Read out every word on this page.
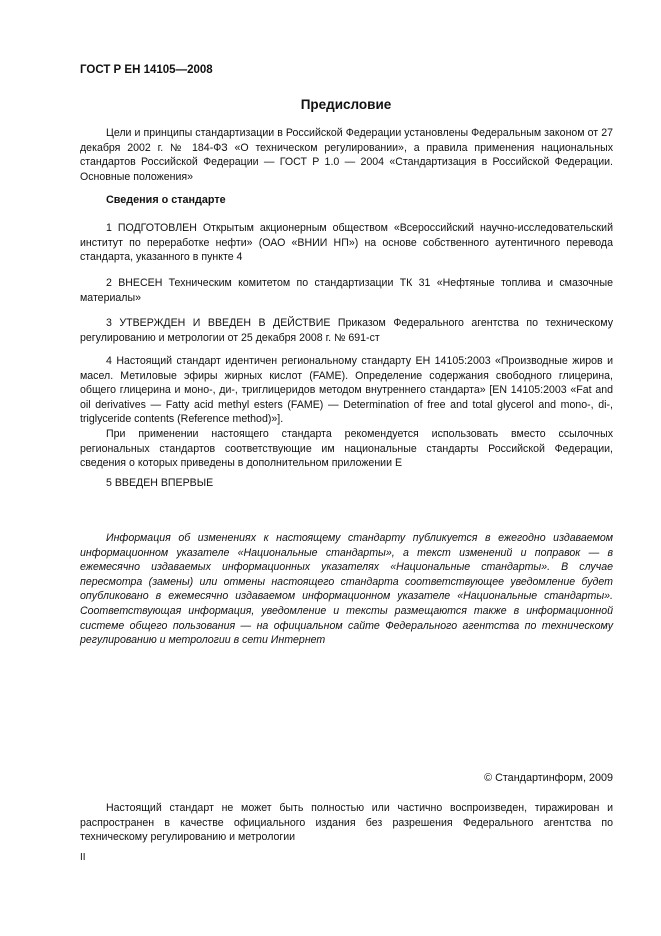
ГОСТ Р ЕН 14105—2008
Предисловие

Цели и принципы стандартизации в Российской Федерации установлены Федеральным законом от 27 декабря 2002 г. № 184-ФЗ «О техническом регулировании», а правила применения национальных стандартов Российской Федерации — ГОСТ Р 1.0 — 2004 «Стандартизация в Российской Федерации. Основные положения»

Сведения о стандарте

1 ПОДГОТОВЛЕН Открытым акционерным обществом «Всероссийский научно-исследовательский институт по переработке нефти» (ОАО «ВНИИ НП») на основе собственного аутентичного перевода стандарта, указанного в пункте 4

2 ВНЕСЕН Техническим комитетом по стандартизации ТК 31 «Нефтяные топлива и смазочные материалы»

3 УТВЕРЖДЕН И ВВЕДЕН В ДЕЙСТВИЕ Приказом Федерального агентства по техническому регулированию и метрологии от 25 декабря 2008 г. № 691-ст

4 Настоящий стандарт идентичен региональному стандарту ЕН 14105:2003 «Производные жиров и масел. Метиловые эфиры жирных кислот (FAME). Определение содержания свободного глицерина, общего глицерина и моно-, ди-, триглицеридов методом внутреннего стандарта» [EN 14105:2003 «Fat and oil derivatives — Fatty acid methyl esters (FAME) — Determination of free and total glycerol and mono-, di-, triglyceride contents (Reference method)»].

При применении настоящего стандарта рекомендуется использовать вместо ссылочных региональных стандартов соответствующие им национальные стандарты Российской Федерации, сведения о которых приведены в дополнительном приложении Е

5 ВВЕДЕН ВПЕРВЫЕ

Информация об изменениях к настоящему стандарту публикуется в ежегодно издаваемом информационном указателе «Национальные стандарты», а текст изменений и поправок — в ежемесячно издаваемых информационных указателях «Национальные стандарты». В случае пересмотра (замены) или отмены настоящего стандарта соответствующее уведомление будет опубликовано в ежемесячно издаваемом информационном указателе «Национальные стандарты». Соответствующая информация, уведомление и тексты размещаются также в информационной системе общего пользования — на официальном сайте Федерального агентства по техническому регулированию и метрологии в сети Интернет

© Стандартинформ, 2009

Настоящий стандарт не может быть полностью или частично воспроизведен, тиражирован и распространен в качестве официального издания без разрешения Федерального агентства по техническому регулированию и метрологии

II
